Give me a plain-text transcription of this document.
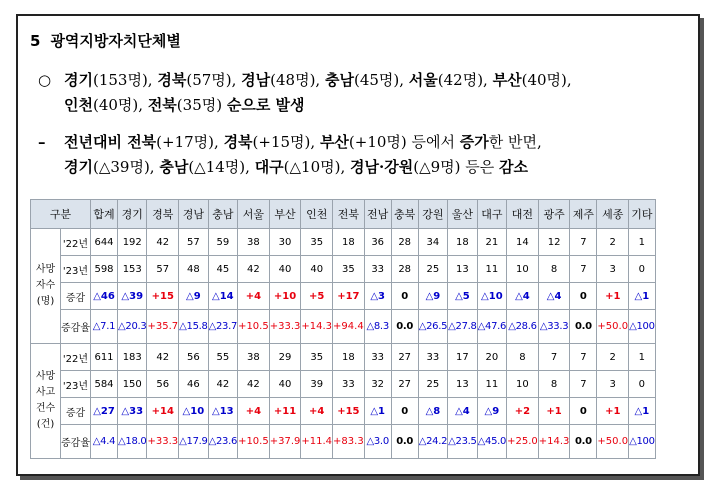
5 광역지방자치단체별
○ 경기(153명), 경북(57명), 경남(48명), 충남(45명), 서울(42명), 부산(40명),
인천(40명), 전북(35명) 순으로 발생
– 전년대비 전북(+17명), 경북(+15명), 부산(+10명) 등에서 증가한 반면,
경기(△39명), 충남(△14명), 대구(△10명), 경남·강원(△9명) 등은 감소
구분		합계	경기	경북	경남	충남	서울	부산	인천	전북	전남	충북	강원	울산	대구	대전	광주	제주	세종	기타

사망
자수
(명)	'22년	644	192	42	57	59	38	30	35	18	36	28	34	18	21	14	12	7	2	1
	'23년	598	153	57	48	45	42	40	40	35	33	28	25	13	11	10	8	7	3	0
	증감	△46	△39	+15	△9	△14	+4	+10	+5	+17	△3	0	△9	△5	△10	△4	△4	0	+1	△1
	증감율	△7.1	△20.3	+35.7	△15.8	△23.7	+10.5	+33.3	+14.3	+94.4	△8.3	0.0	△26.5	△27.8	△47.6	△28.6	△33.3	0.0	+50.0	△100

사망
사고
건수
(건)	'22년	611	183	42	56	55	38	29	35	18	33	27	33	17	20	8	7	7	2	1
	'23년	584	150	56	46	42	42	40	39	33	32	27	25	13	11	10	8	7	3	0
	증감	△27	△33	+14	△10	△13	+4	+11	+4	+15	△1	0	△8	△4	△9	+2	+1	0	+1	△1
	증감율	△4.4	△18.0	+33.3	△17.9	△23.6	+10.5	+37.9	+11.4	+83.3	△3.0	0.0	△24.2	△23.5	△45.0	+25.0	+14.3	0.0	+50.0	△100
